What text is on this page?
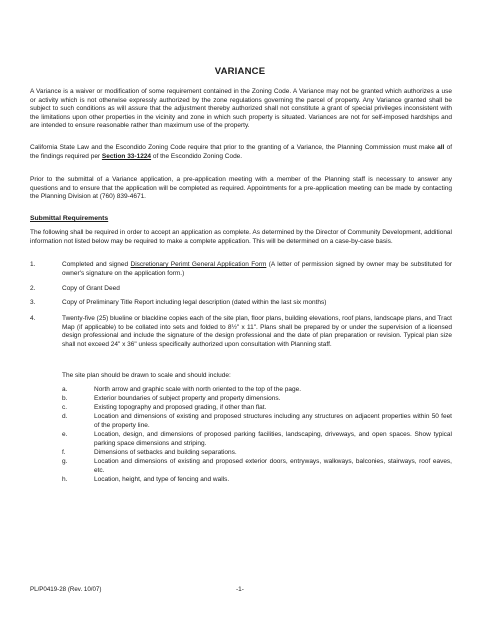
VARIANCE

A Variance is a waiver or modification of some requirement contained in the Zoning Code. A Variance may not be granted which authorizes a use or activity which is not otherwise expressly authorized by the zone regulations governing the parcel of property. Any Variance granted shall be subject to such conditions as will assure that the adjustment thereby authorized shall not constitute a grant of special privileges inconsistent with the limitations upon other properties in the vicinity and zone in which such property is situated. Variances are not for self-imposed hardships and are intended to ensure reasonable rather than maximum use of the property.

California State Law and the Escondido Zoning Code require that prior to the granting of a Variance, the Planning Commission must make all of the findings required per Section 33-1224 of the Escondido Zoning Code.

Prior to the submittal of a Variance application, a pre-application meeting with a member of the Planning staff is necessary to answer any questions and to ensure that the application will be completed as required. Appointments for a pre-application meeting can be made by contacting the Planning Division at (760) 839-4671.

Submittal Requirements

The following shall be required in order to accept an application as complete. As determined by the Director of Community Development, additional information not listed below may be required to make a complete application. This will be determined on a case-by-case basis.

1.	Completed and signed Discretionary Perimt General Application Form (A letter of permission signed by owner may be substituted for owner's signature on the application form.)
2.	Copy of Grant Deed
3.	Copy of Preliminary Title Report including legal description (dated within the last six months)
4.	Twenty-five (25) blueline or blackline copies each of the site plan, floor plans, building elevations, roof plans, landscape plans, and Tract Map (if applicable) to be collated into sets and folded to 8½" x 11". Plans shall be prepared by or under the supervision of a licensed design professional and include the signature of the design professional and the date of plan preparation or revision. Typical plan size shall not exceed 24" x 36" unless specifically authorized upon consultation with Planning staff.
The site plan should be drawn to scale and should include:
a.	North arrow and graphic scale with north oriented to the top of the page.
b.	Exterior boundaries of subject property and property dimensions.
c.	Existing topography and proposed grading, if other than flat.
d.	Location and dimensions of existing and proposed structures including any structures on adjacent properties within 50 feet of the property line.
e.	Location, design, and dimensions of proposed parking facilities, landscaping, driveways, and open spaces. Show typical parking space dimensions and striping.
f.	Dimensions of setbacks and building separations.
g.	Location and dimensions of existing and proposed exterior doors, entryways, walkways, balconies, stairways, roof eaves, etc.
h.	Location, height, and type of fencing and walls.
PL/P0419-28 (Rev. 10/07)	-1-
